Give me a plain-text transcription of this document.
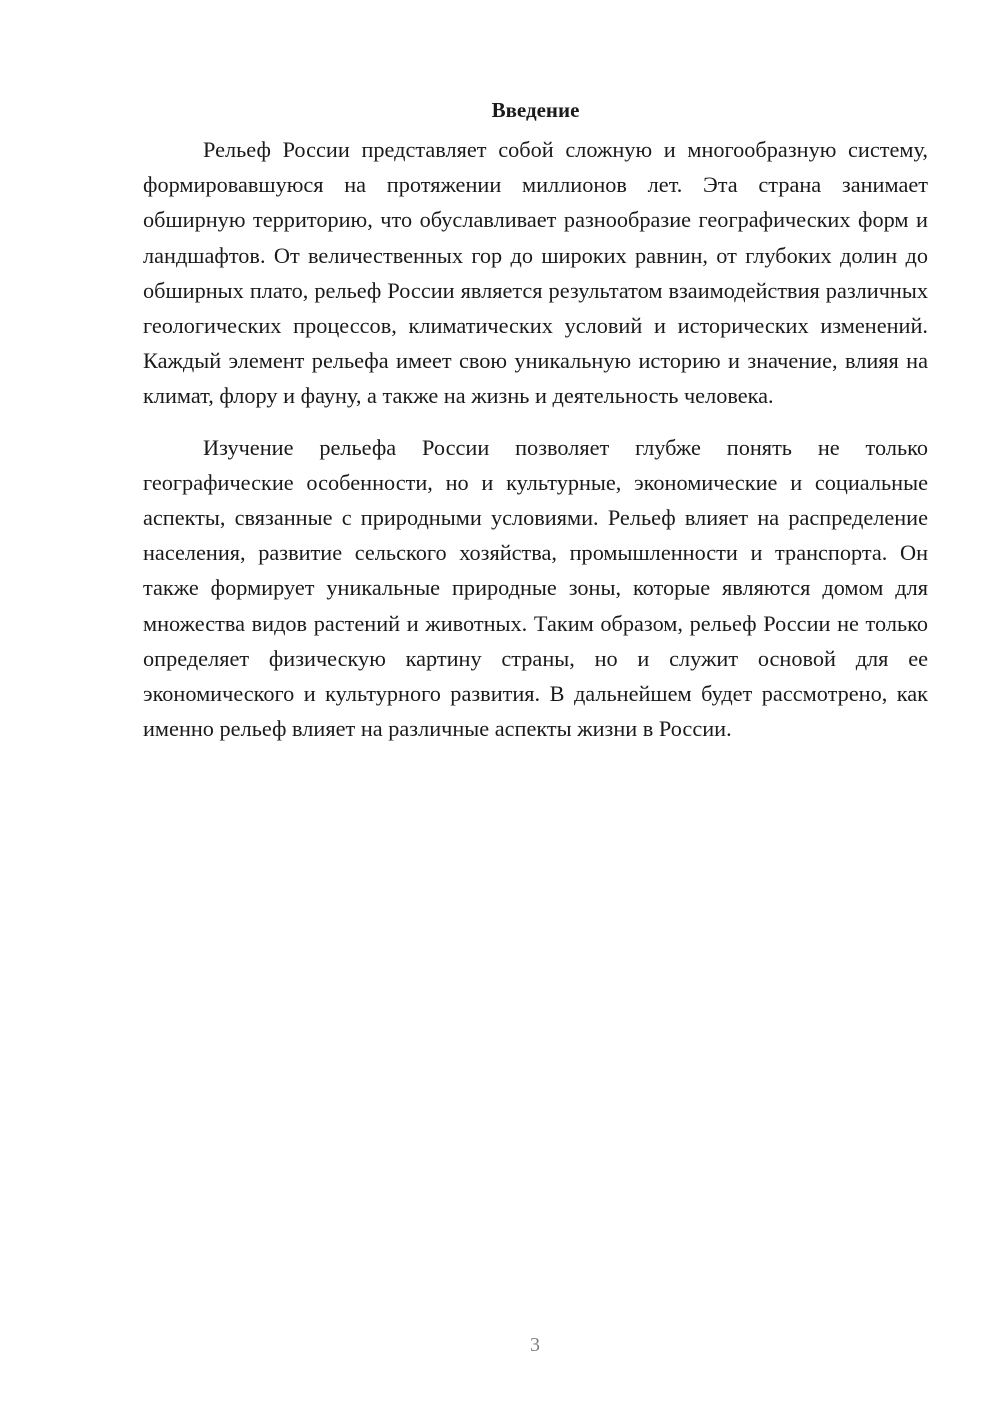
Введение

Рельеф России представляет собой сложную и многообразную систему, формировавшуюся на протяжении миллионов лет. Эта страна занимает обширную территорию, что обуславливает разнообразие географических форм и ландшафтов. От величественных гор до широких равнин, от глубоких долин до обширных плато, рельеф России является результатом взаимодействия различных геологических процессов, климатических условий и исторических изменений. Каждый элемент рельефа имеет свою уникальную историю и значение, влияя на климат, флору и фауну, а также на жизнь и деятельность человека.

Изучение рельефа России позволяет глубже понять не только географические особенности, но и культурные, экономические и социальные аспекты, связанные с природными условиями. Рельеф влияет на распределение населения, развитие сельского хозяйства, промышленности и транспорта. Он также формирует уникальные природные зоны, которые являются домом для множества видов растений и животных. Таким образом, рельеф России не только определяет физическую картину страны, но и служит основой для ее экономического и культурного развития. В дальнейшем будет рассмотрено, как именно рельеф влияет на различные аспекты жизни в России.

3
